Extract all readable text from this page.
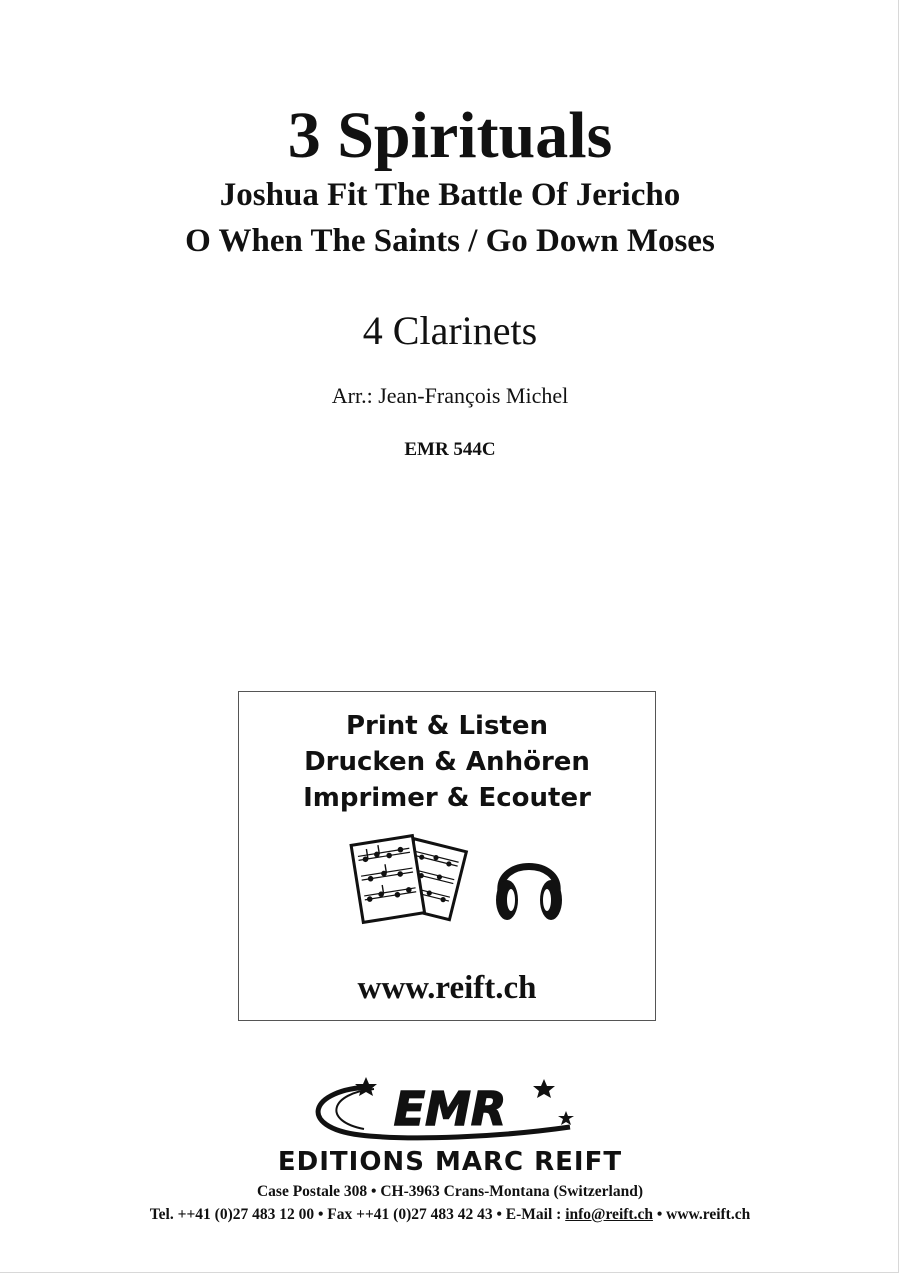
3 Spirituals
Joshua Fit The Battle Of Jericho
O When The Saints / Go Down Moses
4 Clarinets
Arr.: Jean-François Michel
EMR 544C
Print & Listen
Drucken & Anhören
Imprimer & Ecouter
www.reift.ch
EMR
EDITIONS MARC REIFT
Case Postale 308 • CH-3963 Crans-Montana (Switzerland)
Tel. ++41 (0)27 483 12 00 • Fax ++41 (0)27 483 42 43 • E-Mail : info@reift.ch • www.reift.ch
